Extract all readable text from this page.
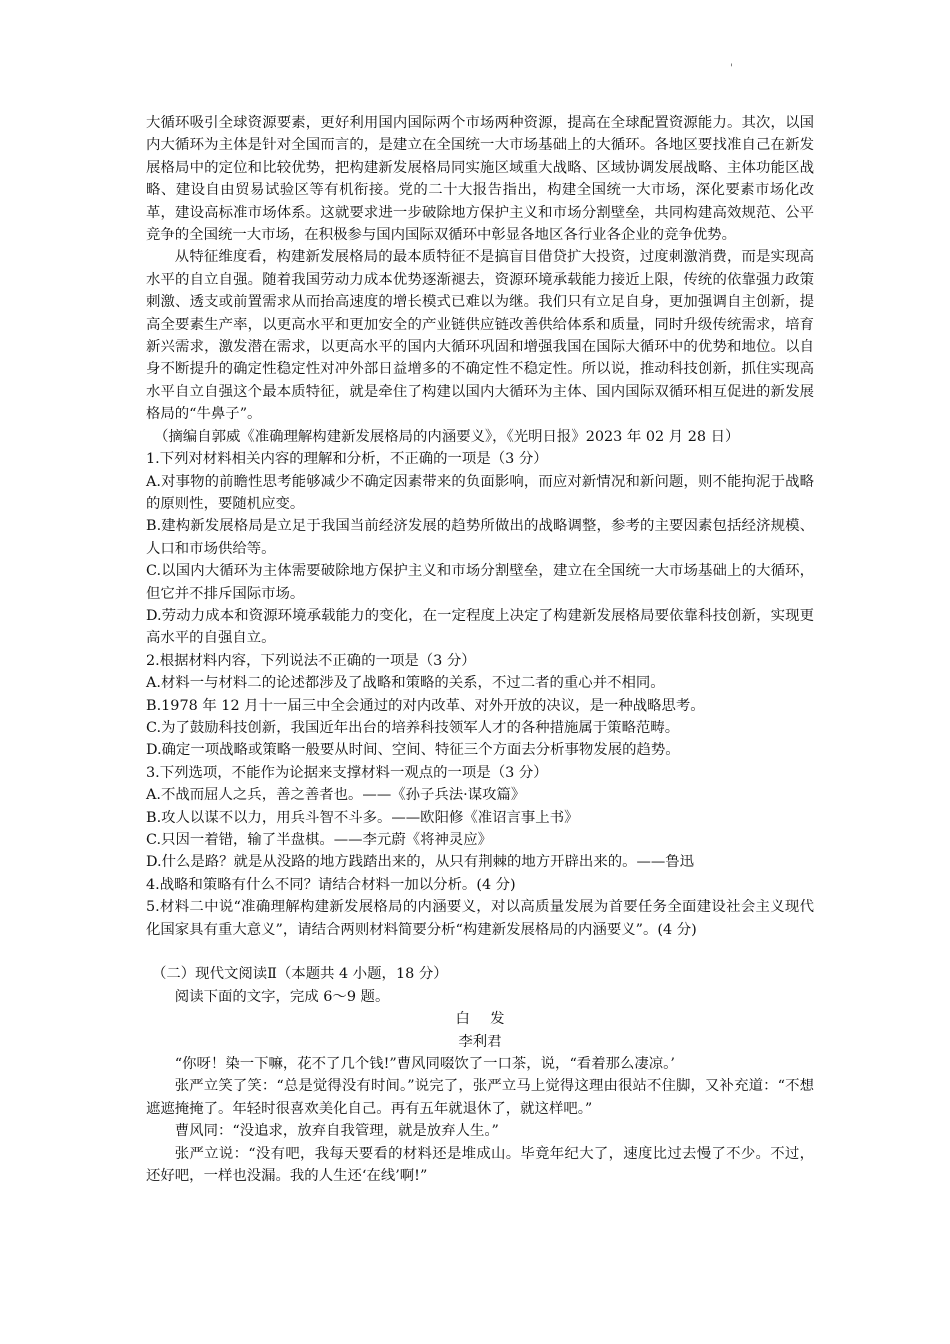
'

大循环吸引全球资源要素，更好利用国内国际两个市场两种资源，提高在全球配置资源能力。其次，以国内大循环为主体是针对全国而言的，是建立在全国统一大市场基础上的大循环。各地区要找准自己在新发展格局中的定位和比较优势，把构建新发展格局同实施区域重大战略、区域协调发展战略、主体功能区战略、建设自由贸易试验区等有机衔接。党的二十大报告指出，构建全国统一大市场，深化要素市场化改革，建设高标准市场体系。这就要求进一步破除地方保护主义和市场分割壁垒，共同构建高效规范、公平竞争的全国统一大市场，在积极参与国内国际双循环中彰显各地区各行业各企业的竞争优势。

从特征维度看，构建新发展格局的最本质特征不是搞盲目借贷扩大投资，过度刺激消费，而是实现高水平的自立自强。随着我国劳动力成本优势逐渐褪去，资源环境承载能力接近上限，传统的依靠强力政策刺激、透支或前置需求从而抬高速度的增长模式已难以为继。我们只有立足自身，更加强调自主创新，提高全要素生产率，以更高水平和更加安全的产业链供应链改善供给体系和质量，同时升级传统需求，培育新兴需求，激发潜在需求，以更高水平的国内大循环巩固和增强我国在国际大循环中的优势和地位。以自身不断提升的确定性稳定性对冲外部日益增多的不确定性不稳定性。所以说，推动科技创新，抓住实现高水平自立自强这个最本质特征，就是牵住了构建以国内大循环为主体、国内国际双循环相互促进的新发展格局的“牛鼻子”。

（摘编自郭威《准确理解构建新发展格局的内涵要义》，《光明日报》2023 年 02 月 28 日）

1.下列对材料相关内容的理解和分析，不正确的一项是（3 分）

A.对事物的前瞻性思考能够减少不确定因素带来的负面影响，而应对新情况和新问题，则不能拘泥于战略的原则性，要随机应变。

B.建构新发展格局是立足于我国当前经济发展的趋势所做出的战略调整，参考的主要因素包括经济规模、人口和市场供给等。

C.以国内大循环为主体需要破除地方保护主义和市场分割壁垒，建立在全国统一大市场基础上的大循环，但它并不排斥国际市场。

D.劳动力成本和资源环境承载能力的变化，在一定程度上决定了构建新发展格局要依靠科技创新，实现更高水平的自强自立。

2.根据材料内容，下列说法不正确的一项是（3 分）

A.材料一与材料二的论述都涉及了战略和策略的关系，不过二者的重心并不相同。

B.1978 年 12 月十一届三中全会通过的对内改革、对外开放的决议，是一种战略思考。

C.为了鼓励科技创新，我国近年出台的培养科技领军人才的各种措施属于策略范畴。

D.确定一项战略或策略一般要从时间、空间、特征三个方面去分析事物发展的趋势。

3.下列选项，不能作为论据来支撑材料一观点的一项是（3 分）

A.不战而屈人之兵，善之善者也。——《孙子兵法·谋攻篇》

B.攻人以谋不以力，用兵斗智不斗多。——欧阳修《准诏言事上书》

C.只因一着错，输了半盘棋。——李元蔚《将神灵应》

D.什么是路？就是从没路的地方践踏出来的，从只有荆棘的地方开辟出来的。——鲁迅

4.战略和策略有什么不同？请结合材料一加以分析。(4 分)

5.材料二中说“准确理解构建新发展格局的内涵要义，对以高质量发展为首要任务全面建设社会主义现代化国家具有重大意义”，请结合两则材料简要分析“构建新发展格局的内涵要义”。(4 分)

（二）现代文阅读Ⅱ（本题共 4 小题，18 分）

阅读下面的文字，完成 6～9 题。

白发

李利君

“你呀！染一下嘛，花不了几个钱!”曹风同啜饮了一口茶，说，“看着那么凄凉。’

张严立笑了笑：“总是觉得没有时间。”说完了，张严立马上觉得这理由很站不住脚，又补充道：“不想遮遮掩掩了。年轻时很喜欢美化自己。再有五年就退休了，就这样吧。”

曹风同：“没追求，放弃自我管理，就是放弃人生。”

张严立说：“没有吧，我每天要看的材料还是堆成山。毕竟年纪大了，速度比过去慢了不少。不过，还好吧，一样也没漏。我的人生还‘在线’啊!”
